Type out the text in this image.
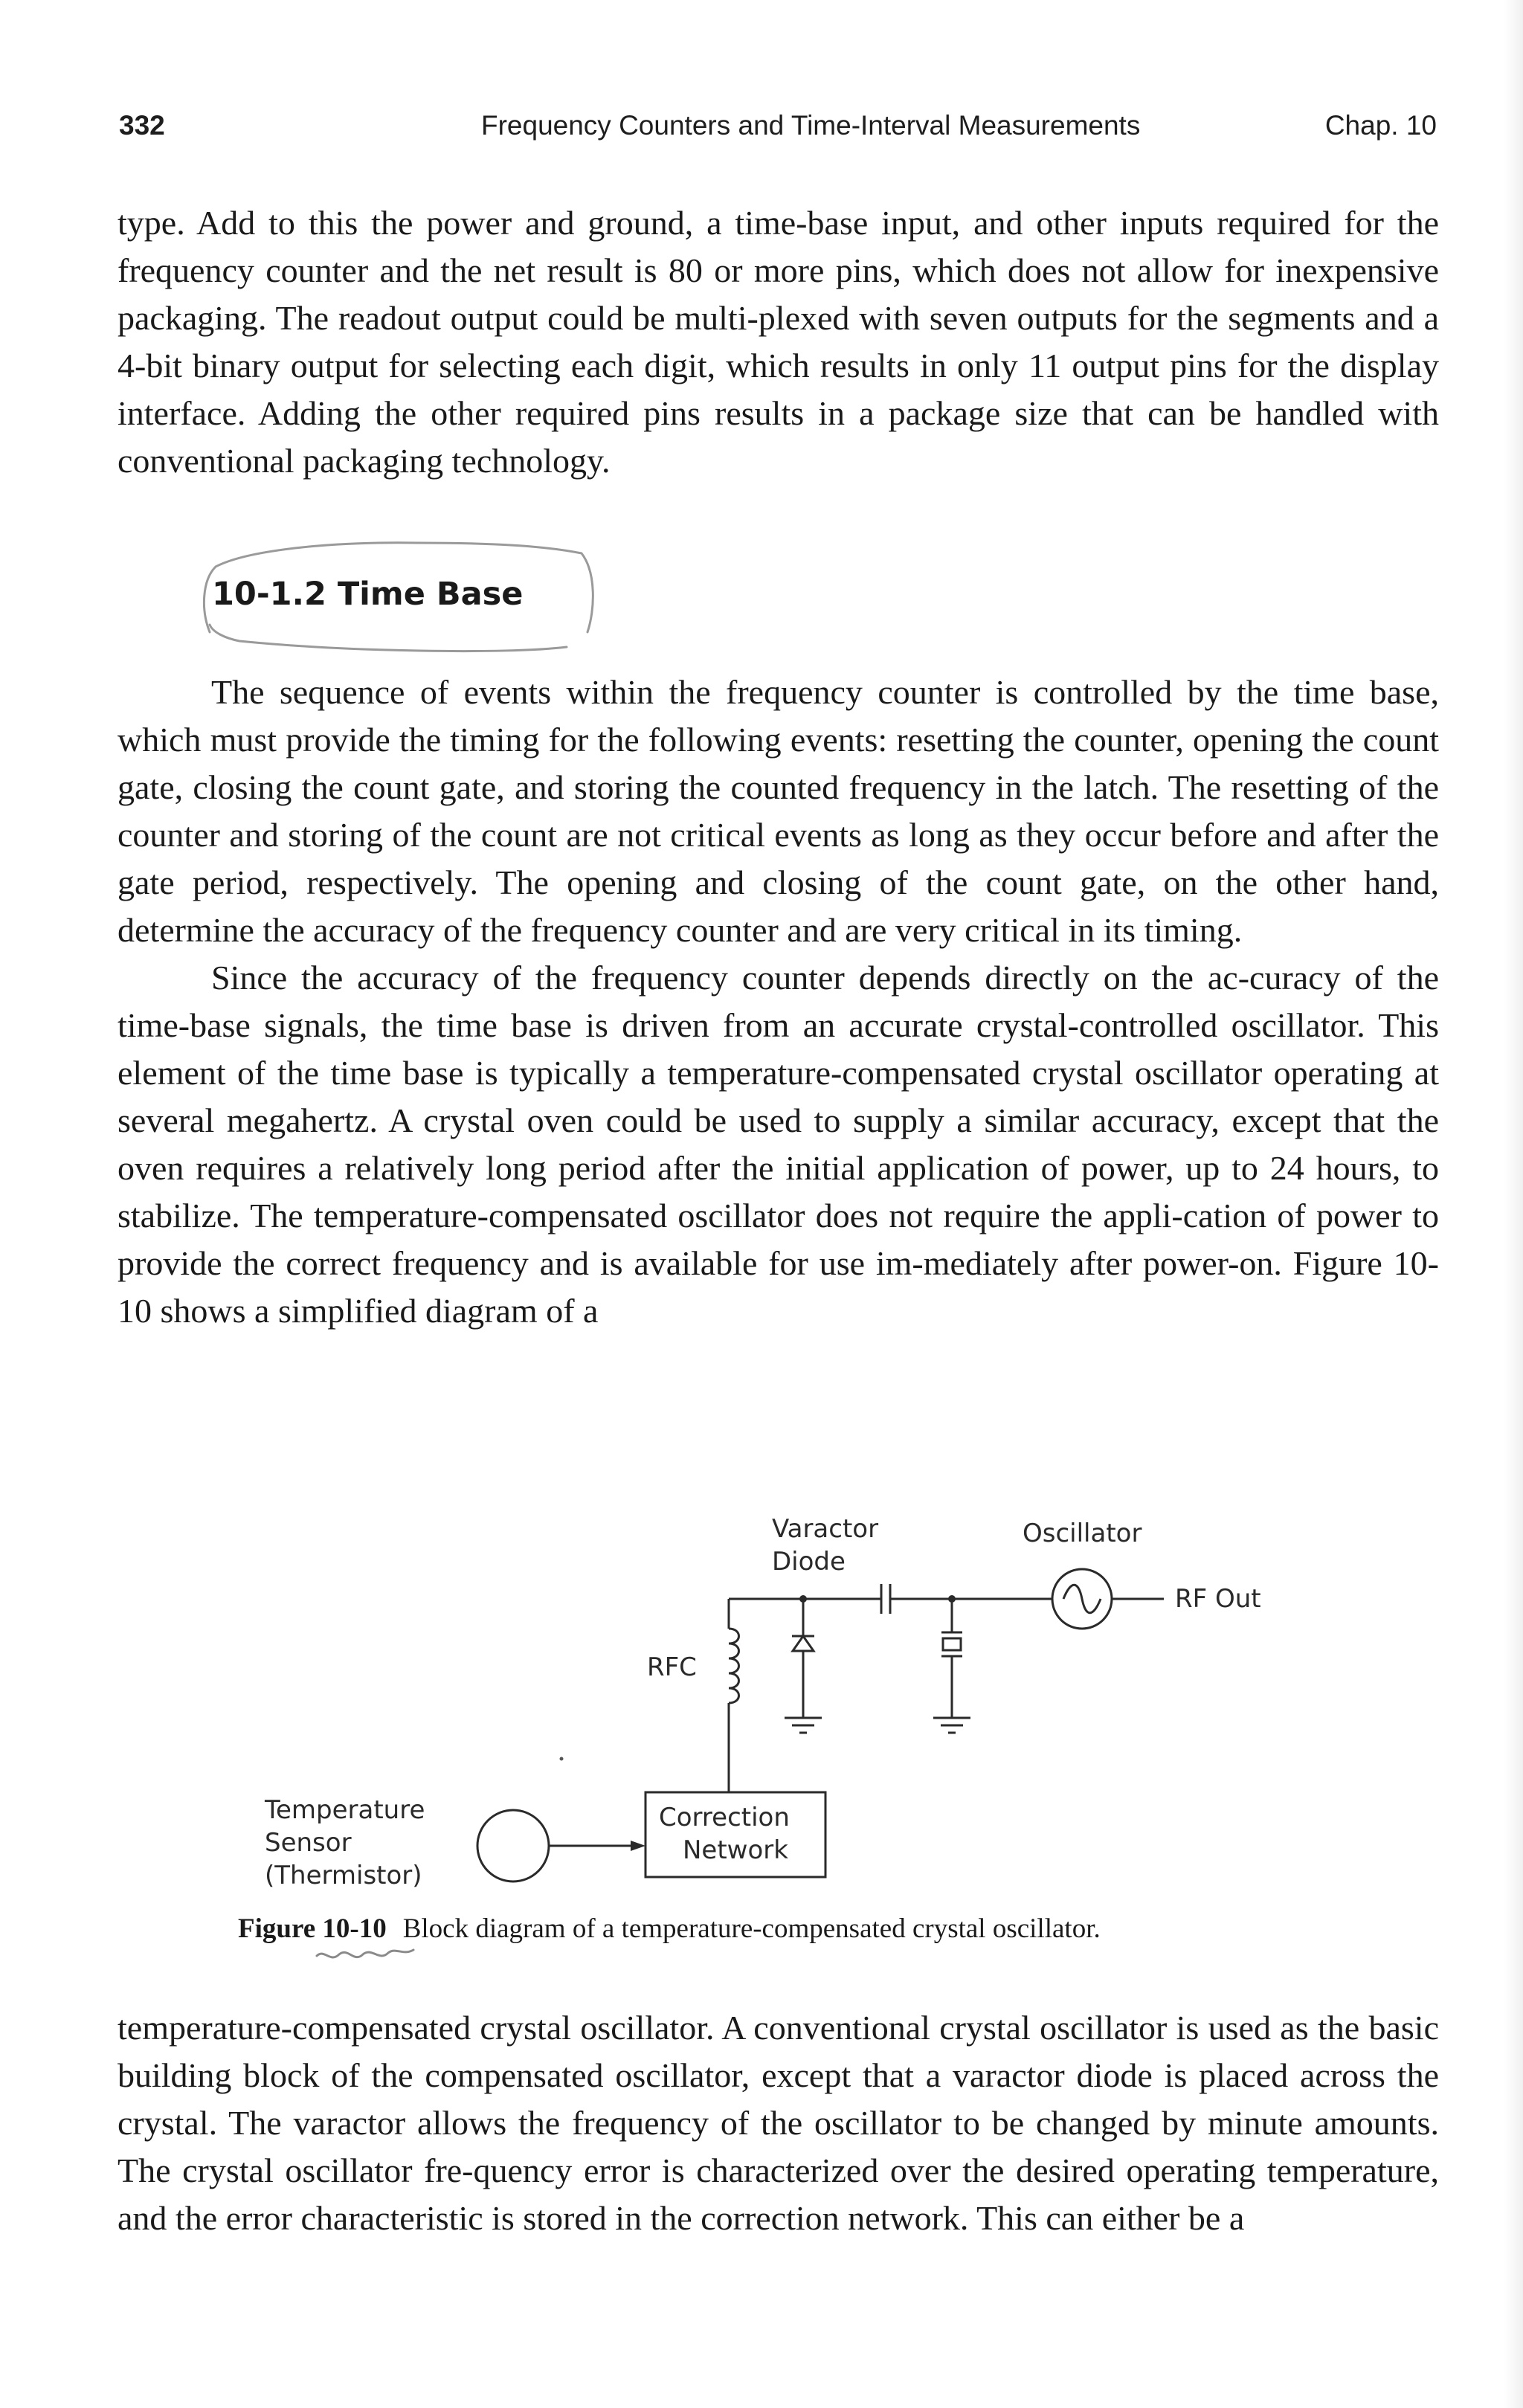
332	Frequency Counters and Time-Interval Measurements	Chap. 10

type. Add to this the power and ground, a time-base input, and other inputs required for the frequency counter and the net result is 80 or more pins, which does not allow for inexpensive packaging. The readout output could be multi-plexed with seven outputs for the segments and a 4-bit binary output for selecting each digit, which results in only 11 output pins for the display interface. Adding the other required pins results in a package size that can be handled with conventional packaging technology.

10-1.2 Time Base

The sequence of events within the frequency counter is controlled by the time base, which must provide the timing for the following events: resetting the counter, opening the count gate, closing the count gate, and storing the counted frequency in the latch. The resetting of the counter and storing of the count are not critical events as long as they occur before and after the gate period, respectively. The opening and closing of the count gate, on the other hand, determine the accuracy of the frequency counter and are very critical in its timing.

Since the accuracy of the frequency counter depends directly on the ac-curacy of the time-base signals, the time base is driven from an accurate crystal-controlled oscillator. This element of the time base is typically a temperature-compensated crystal oscillator operating at several megahertz. A crystal oven could be used to supply a similar accuracy, except that the oven requires a relatively long period after the initial application of power, up to 24 hours, to stabilize. The temperature-compensated oscillator does not require the appli-cation of power to provide the correct frequency and is available for use im-mediately after power-on. Figure 10-10 shows a simplified diagram of a

Varactor
Diode
Oscillator
RF Out
RFC
Temperature
Sensor
(Thermistor)
Correction
Network
Figure 10-10 Block diagram of a temperature-compensated crystal oscillator.

temperature-compensated crystal oscillator. A conventional crystal oscillator is used as the basic building block of the compensated oscillator, except that a varactor diode is placed across the crystal. The varactor allows the frequency of the oscillator to be changed by minute amounts. The crystal oscillator fre-quency error is characterized over the desired operating temperature, and the error characteristic is stored in the correction network. This can either be a
